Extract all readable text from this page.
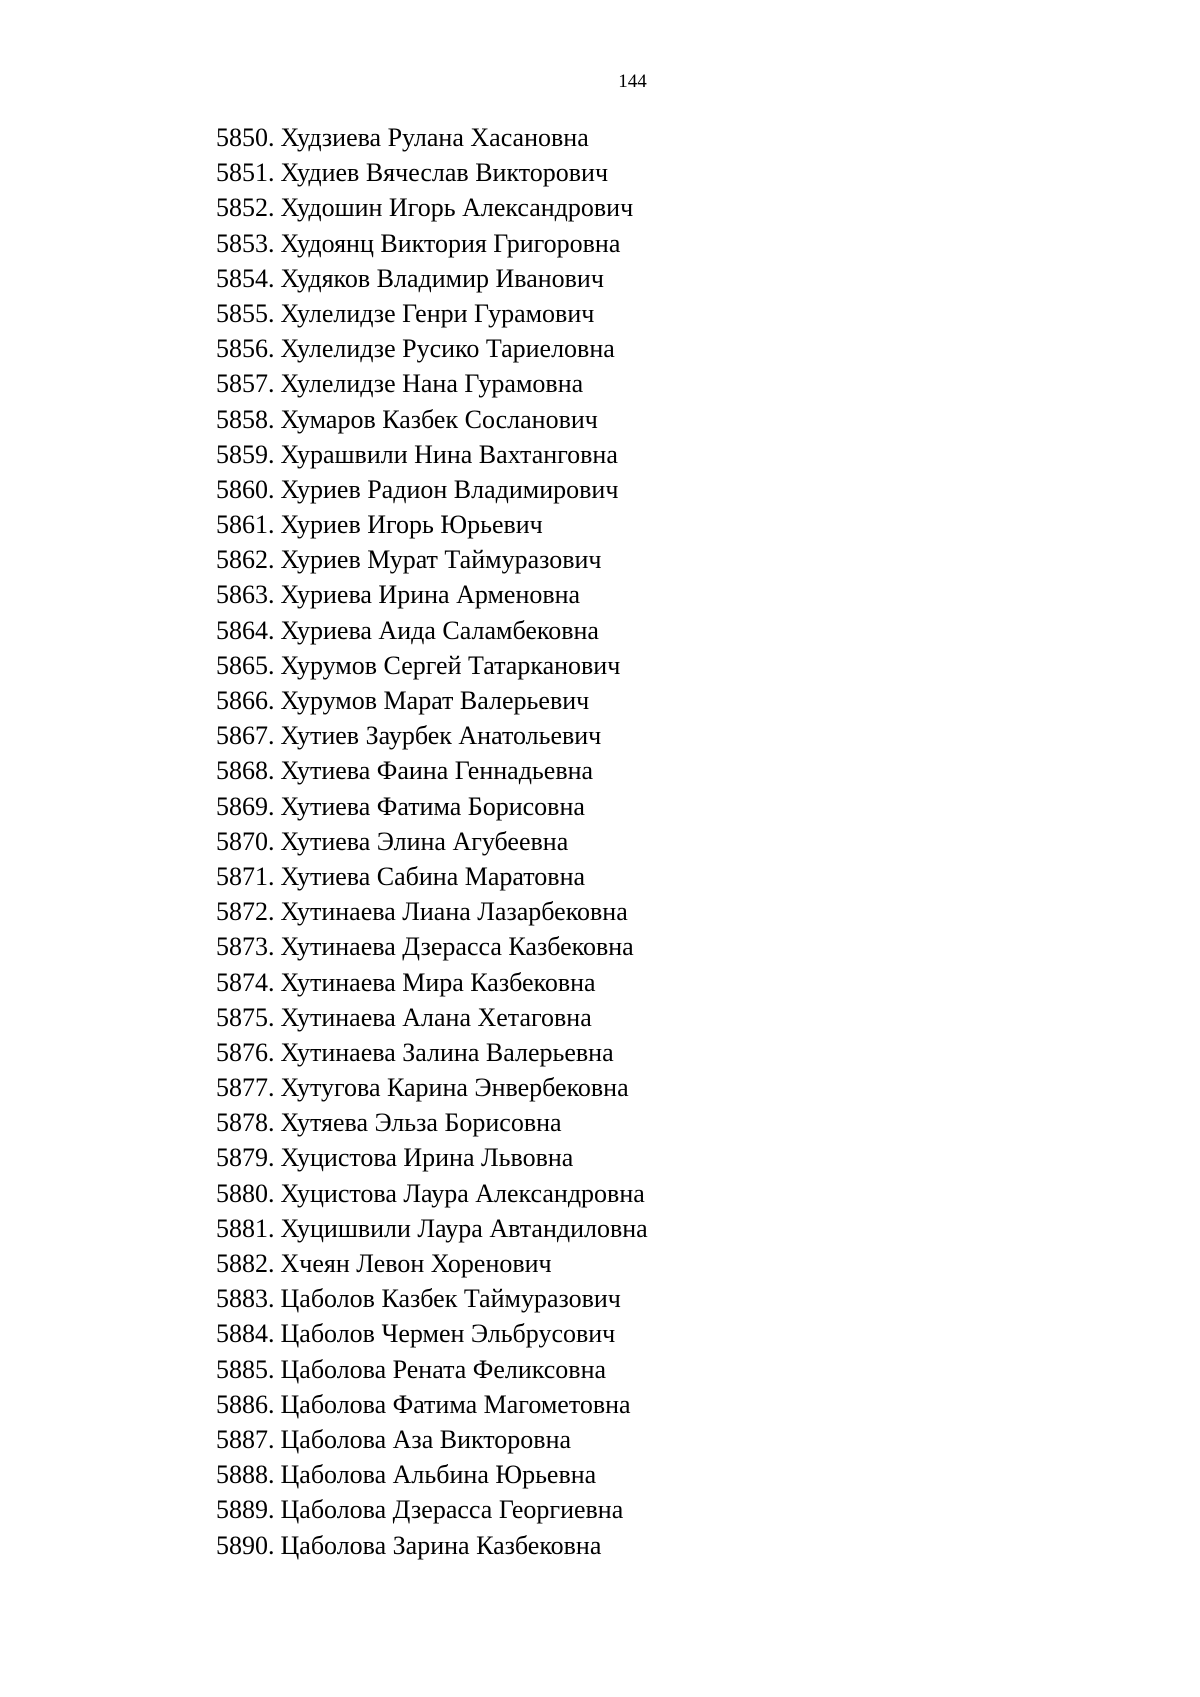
144
5850. Худзиева Рулана Хасановна
5851. Худиев Вячеслав Викторович
5852. Худошин Игорь Александрович
5853. Худоянц Виктория Григоровна
5854. Худяков Владимир Иванович
5855. Хулелидзе Генри Гурамович
5856. Хулелидзе Русико Тариеловна
5857. Хулелидзе Нана Гурамовна
5858. Хумаров Казбек Сосланович
5859. Хурашвили Нина Вахтанговна
5860. Хуриев Радион Владимирович
5861. Хуриев Игорь Юрьевич
5862. Хуриев Мурат Таймуразович
5863. Хуриева Ирина Арменовна
5864. Хуриева Аида Саламбековна
5865. Хурумов Сергей Татарканович
5866. Хурумов Марат Валерьевич
5867. Хутиев Заурбек Анатольевич
5868. Хутиева Фаина Геннадьевна
5869. Хутиева Фатима Борисовна
5870. Хутиева Элина Агубеевна
5871. Хутиева Сабина Маратовна
5872. Хутинаева Лиана Лазарбековна
5873. Хутинаева Дзерасса Казбековна
5874. Хутинаева Мира Казбековна
5875. Хутинаева Алана Хетаговна
5876. Хутинаева Залина Валерьевна
5877. Хутугова Карина Энвербековна
5878. Хутяева Эльза Борисовна
5879. Хуцистова Ирина Львовна
5880. Хуцистова Лаура Александровна
5881. Хуцишвили Лаура Автандиловна
5882. Хчеян Левон Хоренович
5883. Цаболов Казбек Таймуразович
5884. Цаболов Чермен Эльбрусович
5885. Цаболова Рената Феликсовна
5886. Цаболова Фатима Магометовна
5887. Цаболова Аза Викторовна
5888. Цаболова Альбина Юрьевна
5889. Цаболова Дзерасса Георгиевна
5890. Цаболова Зарина Казбековна
